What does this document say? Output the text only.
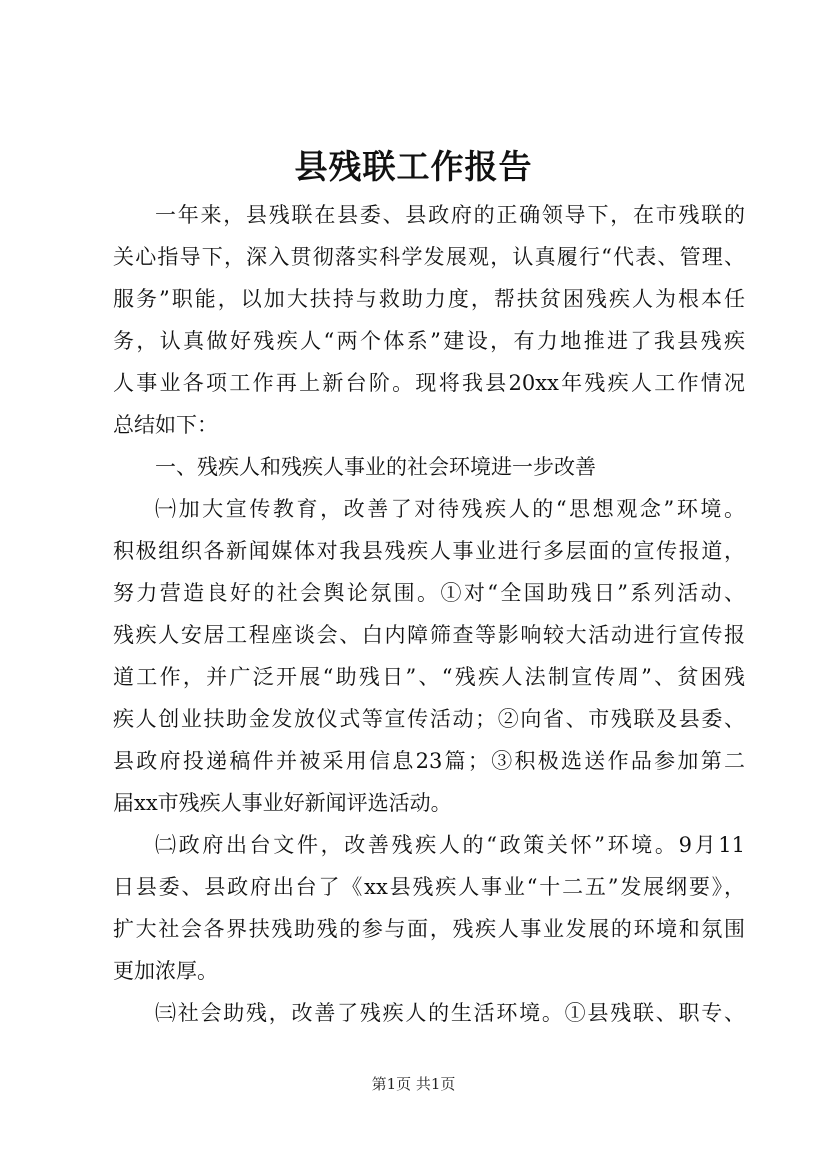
县残联工作报告
一年来，县残联在县委、县政府的正确领导下，在市残联的
关心指导下，深入贯彻落实科学发展观，认真履行“代表、管理、
服务”职能，以加大扶持与救助力度，帮扶贫困残疾人为根本任
务，认真做好残疾人“两个体系”建设，有力地推进了我县残疾
人事业各项工作再上新台阶。现将我县20xx年残疾人工作情况
总结如下：
一、残疾人和残疾人事业的社会环境进一步改善
㈠加大宣传教育，改善了对待残疾人的“思想观念”环境。
积极组织各新闻媒体对我县残疾人事业进行多层面的宣传报道，
努力营造良好的社会舆论氛围。①对“全国助残日”系列活动、
残疾人安居工程座谈会、白内障筛查等影响较大活动进行宣传报
道工作，并广泛开展“助残日”、“残疾人法制宣传周”、贫困残
疾人创业扶助金发放仪式等宣传活动；②向省、市残联及县委、
县政府投递稿件并被采用信息23篇；③积极选送作品参加第二
届xx市残疾人事业好新闻评选活动。
㈡政府出台文件，改善残疾人的“政策关怀”环境。9月11
日县委、县政府出台了《xx县残疾人事业“十二五”发展纲要》，
扩大社会各界扶残助残的参与面，残疾人事业发展的环境和氛围
更加浓厚。
㈢社会助残，改善了残疾人的生活环境。①县残联、职专、
第1页 共1页
